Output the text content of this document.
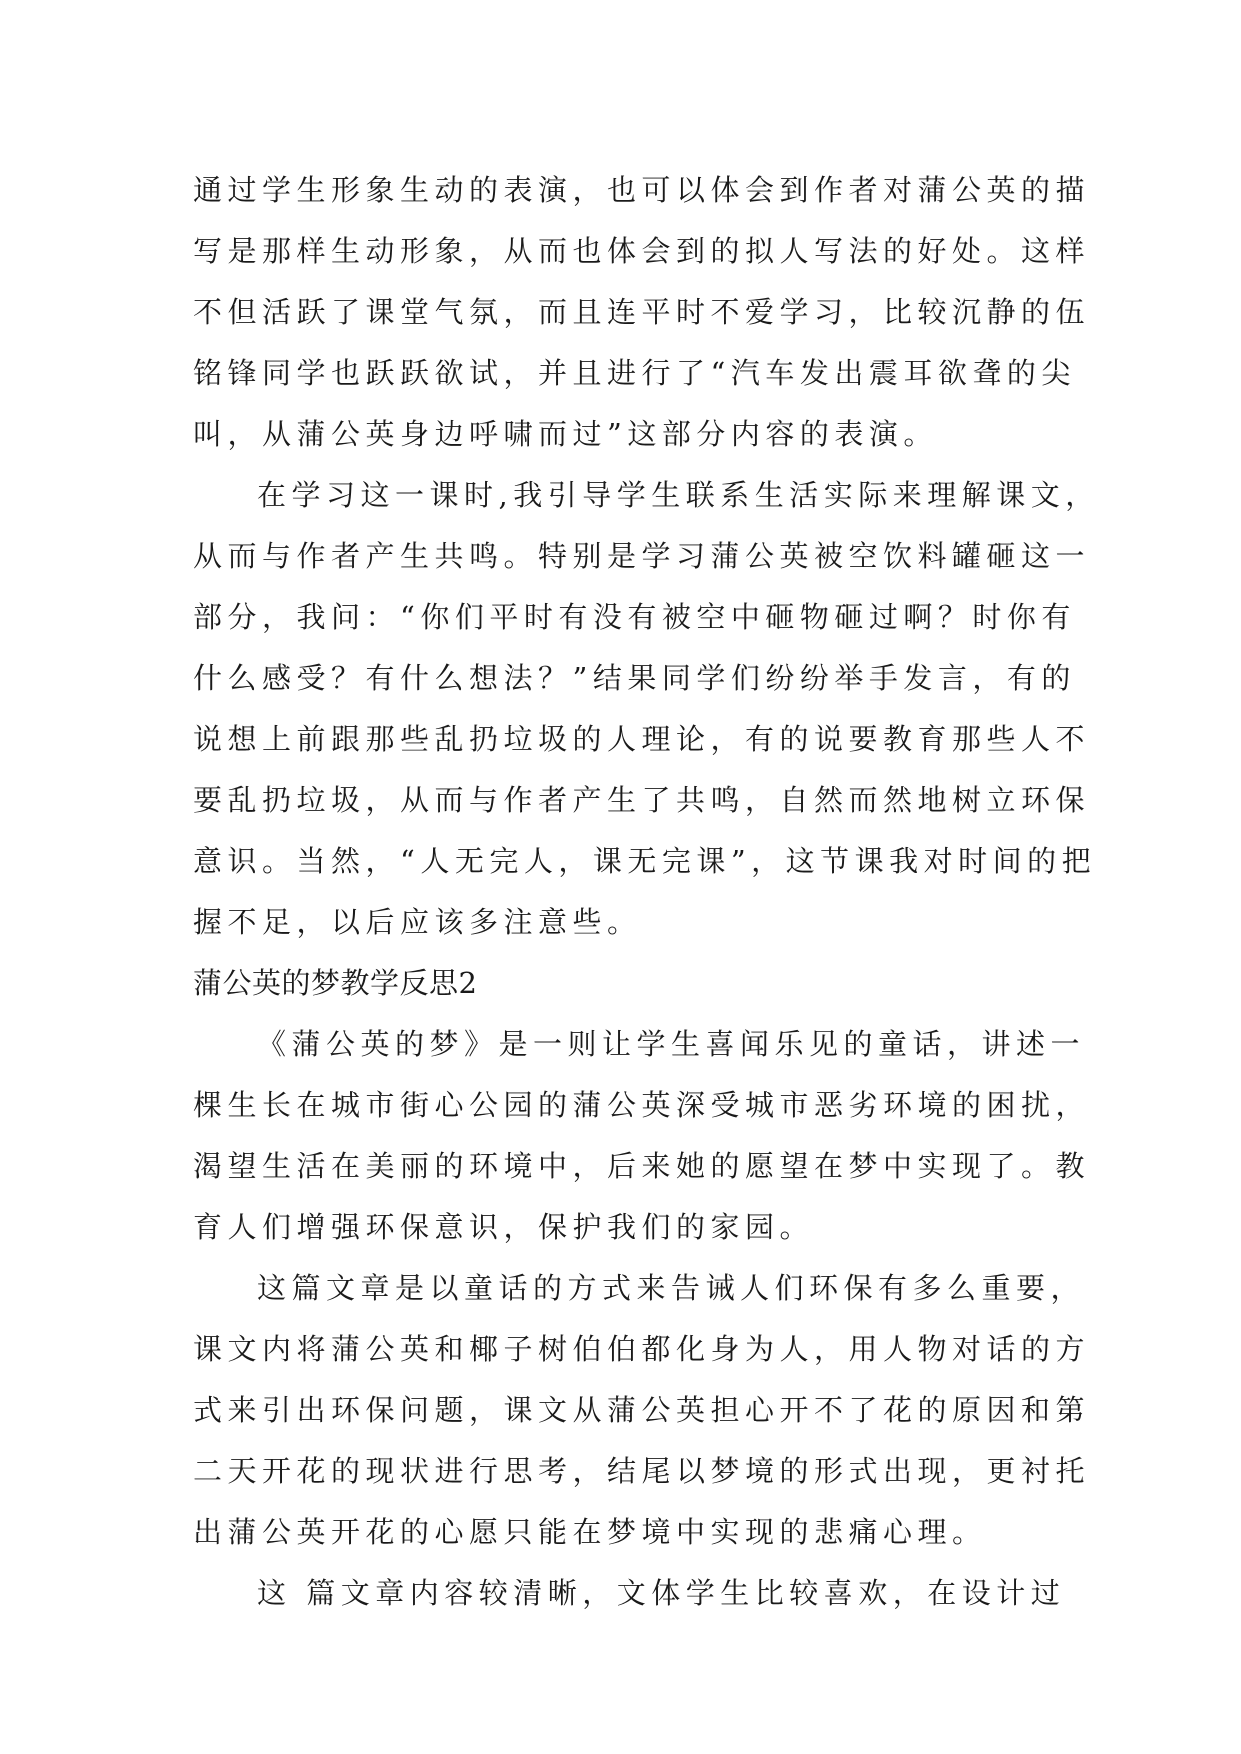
通过学生形象生动的表演，也可以体会到作者对蒲公英的描
写是那样生动形象，从而也体会到的拟人写法的好处。这样
不但活跃了课堂气氛，而且连平时不爱学习，比较沉静的伍
铭锋同学也跃跃欲试，并且进行了“汽车发出震耳欲聋的尖
叫，从蒲公英身边呼啸而过”这部分内容的表演。
在学习这一课时,我引导学生联系生活实际来理解课文，
从而与作者产生共鸣。特别是学习蒲公英被空饮料罐砸这一
部分，我问：“你们平时有没有被空中砸物砸过啊？时你有
什么感受？有什么想法？”结果同学们纷纷举手发言，有的
说想上前跟那些乱扔垃圾的人理论，有的说要教育那些人不
要乱扔垃圾，从而与作者产生了共鸣，自然而然地树立环保
意识。当然，“人无完人，课无完课”，这节课我对时间的把
握不足，以后应该多注意些。
蒲公英的梦教学反思2
《蒲公英的梦》是一则让学生喜闻乐见的童话，讲述一
棵生长在城市街心公园的蒲公英深受城市恶劣环境的困扰，
渴望生活在美丽的环境中，后来她的愿望在梦中实现了。教
育人们增强环保意识，保护我们的家园。
这篇文章是以童话的方式来告诫人们环保有多么重要，
课文内将蒲公英和椰子树伯伯都化身为人，用人物对话的方
式来引出环保问题，课文从蒲公英担心开不了花的原因和第
二天开花的现状进行思考，结尾以梦境的形式出现，更衬托
出蒲公英开花的心愿只能在梦境中实现的悲痛心理。
这 篇文章内容较清晰，文体学生比较喜欢，在设计过
